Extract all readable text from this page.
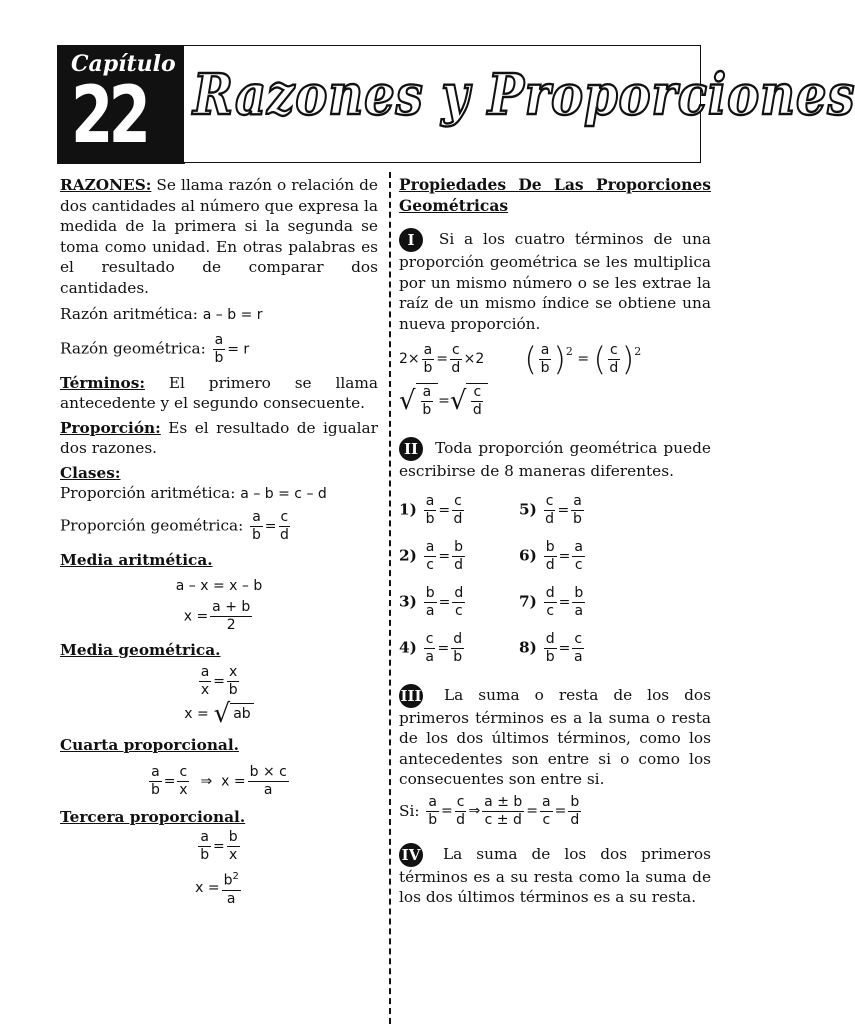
Capítulo
22 Razones y Proporciones
RAZONES: Se llama razón o relación de dos cantidades al número que expresa la medida de la primera si la segunda se toma como unidad. En otras palabras es el resultado de comparar dos cantidades.
Razón aritmética: a – b = r
Razón geométrica: $\frac{a}{b} = r$
Términos: El primero se llama antecedente y el segundo consecuente.
Proporción: Es el resultado de igualar dos razones.
Clases:
Proporción aritmética: a – b = c – d
Proporción geométrica: $\frac{a}{b} = \frac{c}{d}$
Media aritmética.
a – x = x – b
$x = \frac{a + b}{2}$
Media geométrica.
$\frac{a}{x} = \frac{x}{b}$
x = √ ab
Cuarta proporcional.
$\frac{a}{b} = \frac{c}{x}$ ⇒  $x = \frac{b \times c}{a}$
Tercera proporcional.
$\frac{a}{b} = \frac{b}{x}$
$x = \frac{b^2}{a}$
Propiedades De Las Proporciones Geométricas
I Si a los cuatro términos de una proporción geométrica se les multiplica por un mismo número o se les extrae la raíz de un mismo índice se obtiene una nueva proporción.
$2\times \frac{a}{b} = \frac{c}{d} \times 2$ ( $\frac{a}{b} )^2$ = ( $\frac{c}{d} )^2$
√ $\frac{a}{b}$ = √ $\frac{c}{d}$
II Toda proporción geométrica puede escribirse de 8 maneras diferentes.
$1) \frac{a}{b} = \frac{c}{d}$	$5) \frac{c}{d} = \frac{a}{b}$
$2) \frac{a}{c} = \frac{b}{d}$	$6) \frac{b}{d} = \frac{a}{c}$
$3) \frac{b}{a} = \frac{d}{c}$	$7) \frac{d}{c} = \frac{b}{a}$
$4) \frac{c}{a} = \frac{d}{b}$	$8) \frac{d}{b} = \frac{c}{a}$
III La suma o resta de los dos primeros términos es a la suma o resta de los dos últimos términos, como los antecedentes son entre si o como los consecuentes son entre si.
Si:
$\frac{a}{b} = \frac{c}{d}$ ⇒ $\frac{a \pm b}{c \pm d} = \frac{a}{c} = \frac{b}{d}$
IV La suma de los dos primeros términos es a su resta como la suma de los dos últimos términos es a su resta.
